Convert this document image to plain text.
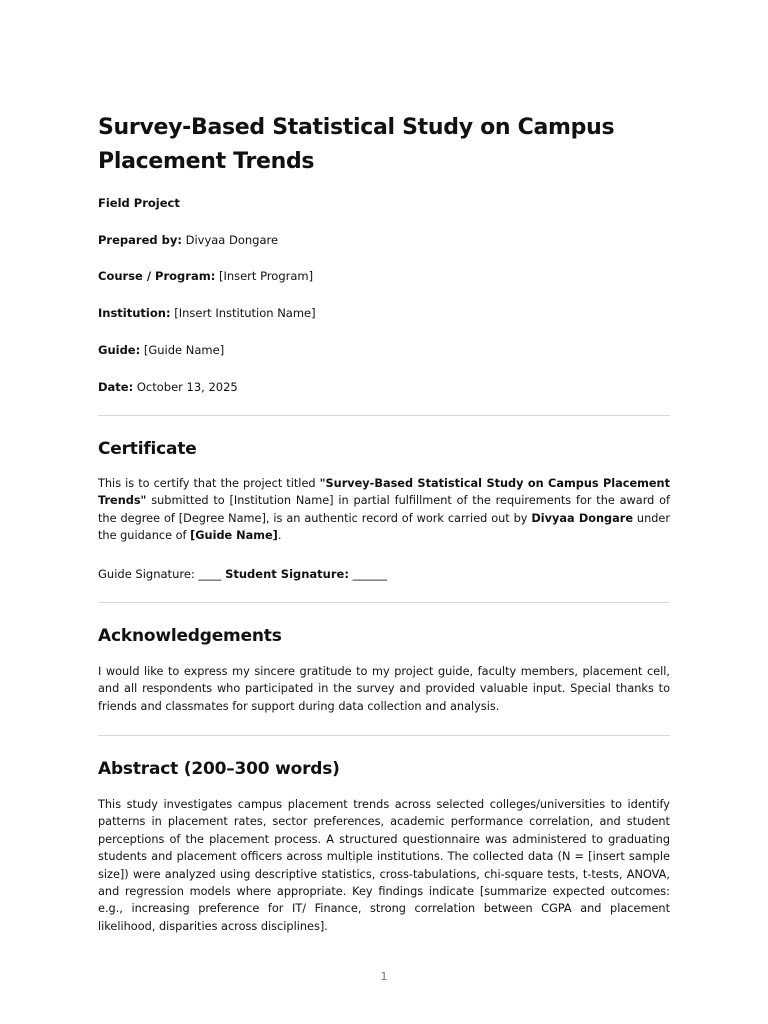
Survey-Based Statistical Study on Campus Placement Trends
Field Project
Prepared by: Divyaa Dongare
Course / Program: [Insert Program]
Institution: [Insert Institution Name]
Guide: [Guide Name]
Date: October 13, 2025
Certificate
This is to certify that the project titled "Survey-Based Statistical Study on Campus Placement Trends" submitted to [Institution Name] in partial fulfillment of the requirements for the award of the degree of [Degree Name], is an authentic record of work carried out by Divyaa Dongare under the guidance of [Guide Name].
Guide Signature: ____ Student Signature: ______
Acknowledgements
I would like to express my sincere gratitude to my project guide, faculty members, placement cell, and all respondents who participated in the survey and provided valuable input. Special thanks to friends and classmates for support during data collection and analysis.
Abstract (200–300 words)
This study investigates campus placement trends across selected colleges/universities to identify patterns in placement rates, sector preferences, academic performance correlation, and student perceptions of the placement process. A structured questionnaire was administered to graduating students and placement officers across multiple institutions. The collected data (N = [insert sample size]) were analyzed using descriptive statistics, cross-tabulations, chi-square tests, t-tests, ANOVA, and regression models where appropriate. Key findings indicate [summarize expected outcomes: e.g., increasing preference for IT/ Finance, strong correlation between CGPA and placement likelihood, disparities across disciplines].
1
